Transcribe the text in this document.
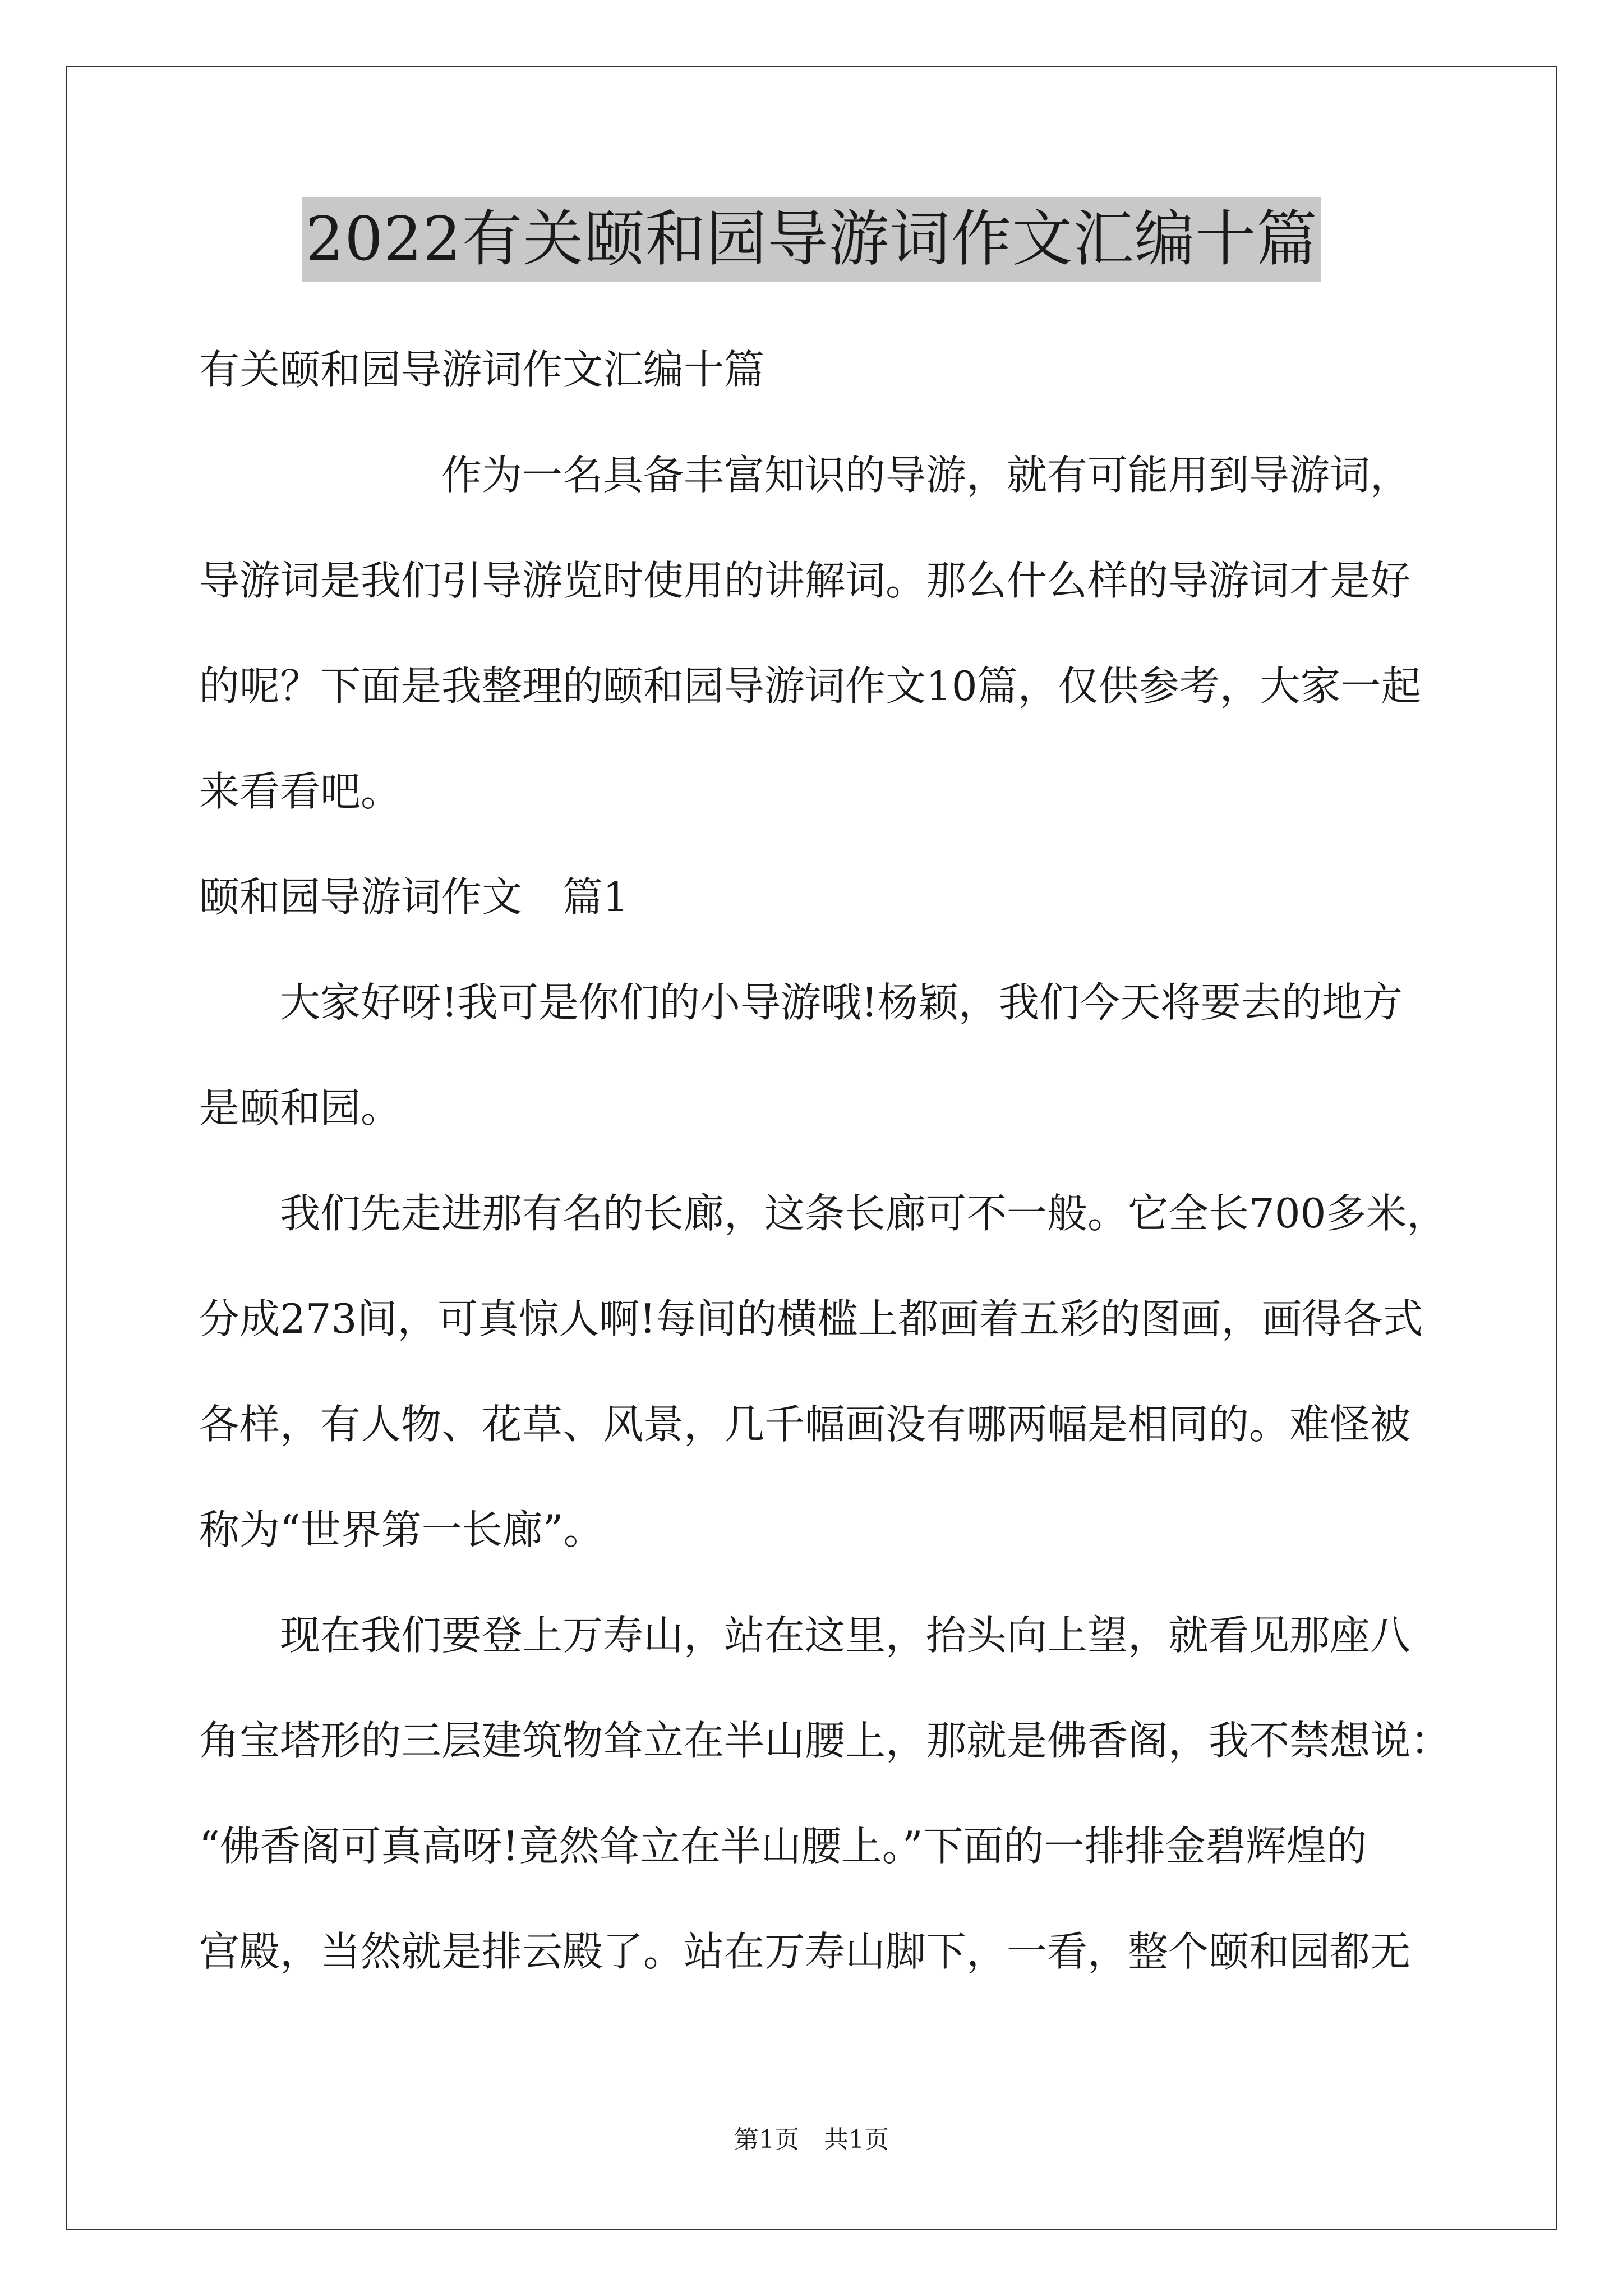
2022有关颐和园导游词作文汇编十篇
有关颐和园导游词作文汇编十篇
　　　　　　作为一名具备丰富知识的导游，就有可能用到导游词，
导游词是我们引导游览时使用的讲解词。那么什么样的导游词才是好
的呢？下面是我整理的颐和园导游词作文10篇，仅供参考，大家一起
来看看吧。
颐和园导游词作文　篇1
　　大家好呀!我可是你们的小导游哦!杨颖，我们今天将要去的地方
是颐和园。
　　我们先走进那有名的长廊，这条长廊可不一般。它全长700多米，
分成273间，可真惊人啊!每间的横槛上都画着五彩的图画，画得各式
各样，有人物、花草、风景，几千幅画没有哪两幅是相同的。难怪被
称为“世界第一长廊”。
　　现在我们要登上万寿山，站在这里，抬头向上望，就看见那座八
角宝塔形的三层建筑物耸立在半山腰上，那就是佛香阁，我不禁想说：
“佛香阁可真高呀!竟然耸立在半山腰上。”下面的一排排金碧辉煌的
宫殿，当然就是排云殿了。站在万寿山脚下，一看，整个颐和园都无
第1页　共1页
